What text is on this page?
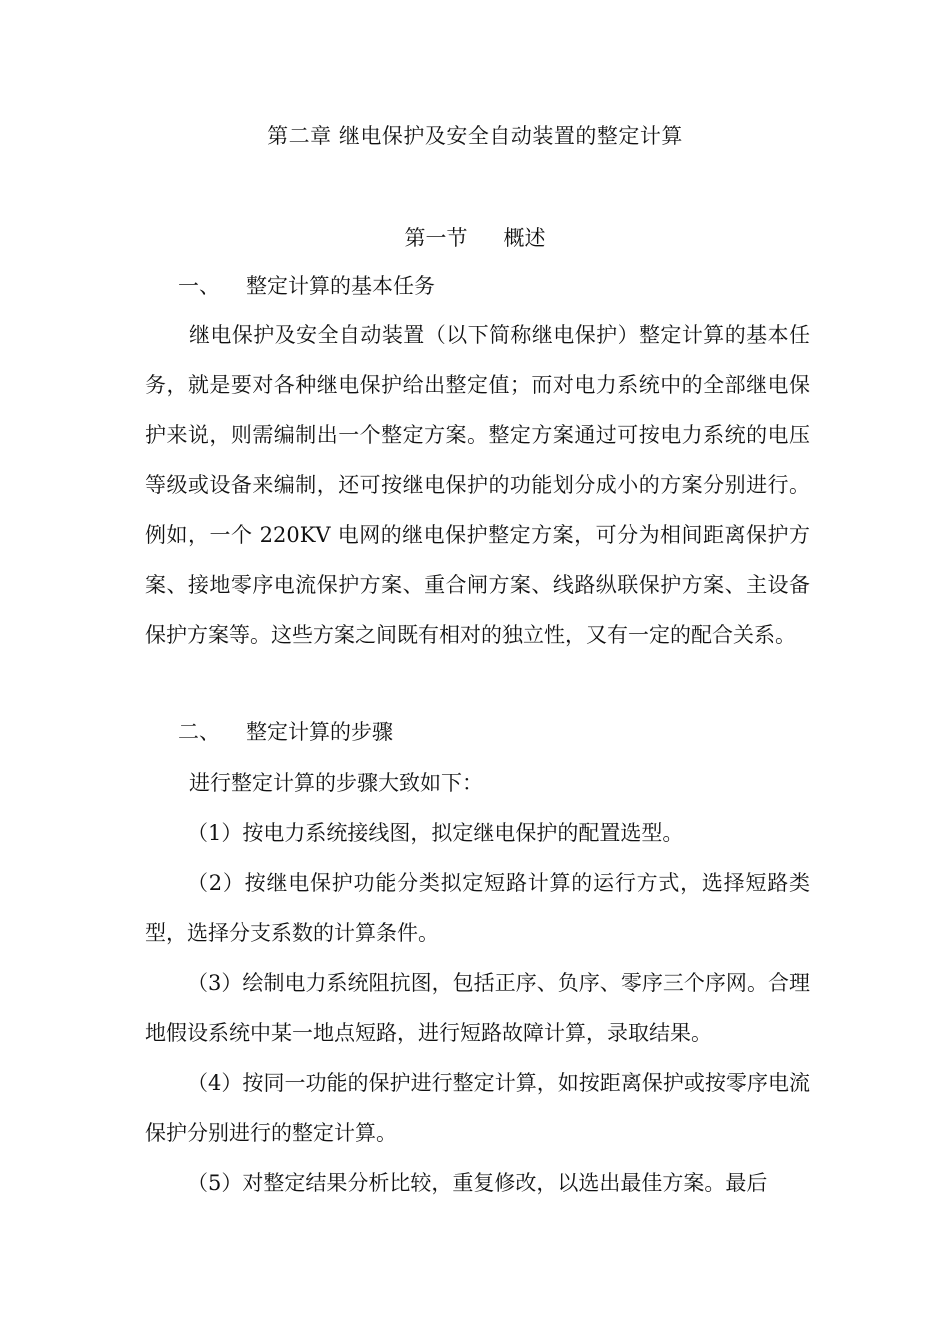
第二章 继电保护及安全自动装置的整定计算
第一节 概述
一、 整定计算的基本任务

继电保护及安全自动装置（以下简称继电保护）整定计算的基本任务，就是要对各种继电保护给出整定值；而对电力系统中的全部继电保护来说，则需编制出一个整定方案。整定方案通过可按电力系统的电压等级或设备来编制，还可按继电保护的功能划分成小的方案分别进行。例如，一个 220KV 电网的继电保护整定方案，可分为相间距离保护方案、接地零序电流保护方案、重合闸方案、线路纵联保护方案、主设备保护方案等。这些方案之间既有相对的独立性，又有一定的配合关系。

二、 整定计算的步骤

进行整定计算的步骤大致如下：

（1）按电力系统接线图，拟定继电保护的配置选型。

（2）按继电保护功能分类拟定短路计算的运行方式，选择短路类型，选择分支系数的计算条件。

（3）绘制电力系统阻抗图，包括正序、负序、零序三个序网。合理地假设系统中某一地点短路，进行短路故障计算，录取结果。

（4）按同一功能的保护进行整定计算，如按距离保护或按零序电流保护分别进行的整定计算。

（5）对整定结果分析比较，重复修改，以选出最佳方案。最后
